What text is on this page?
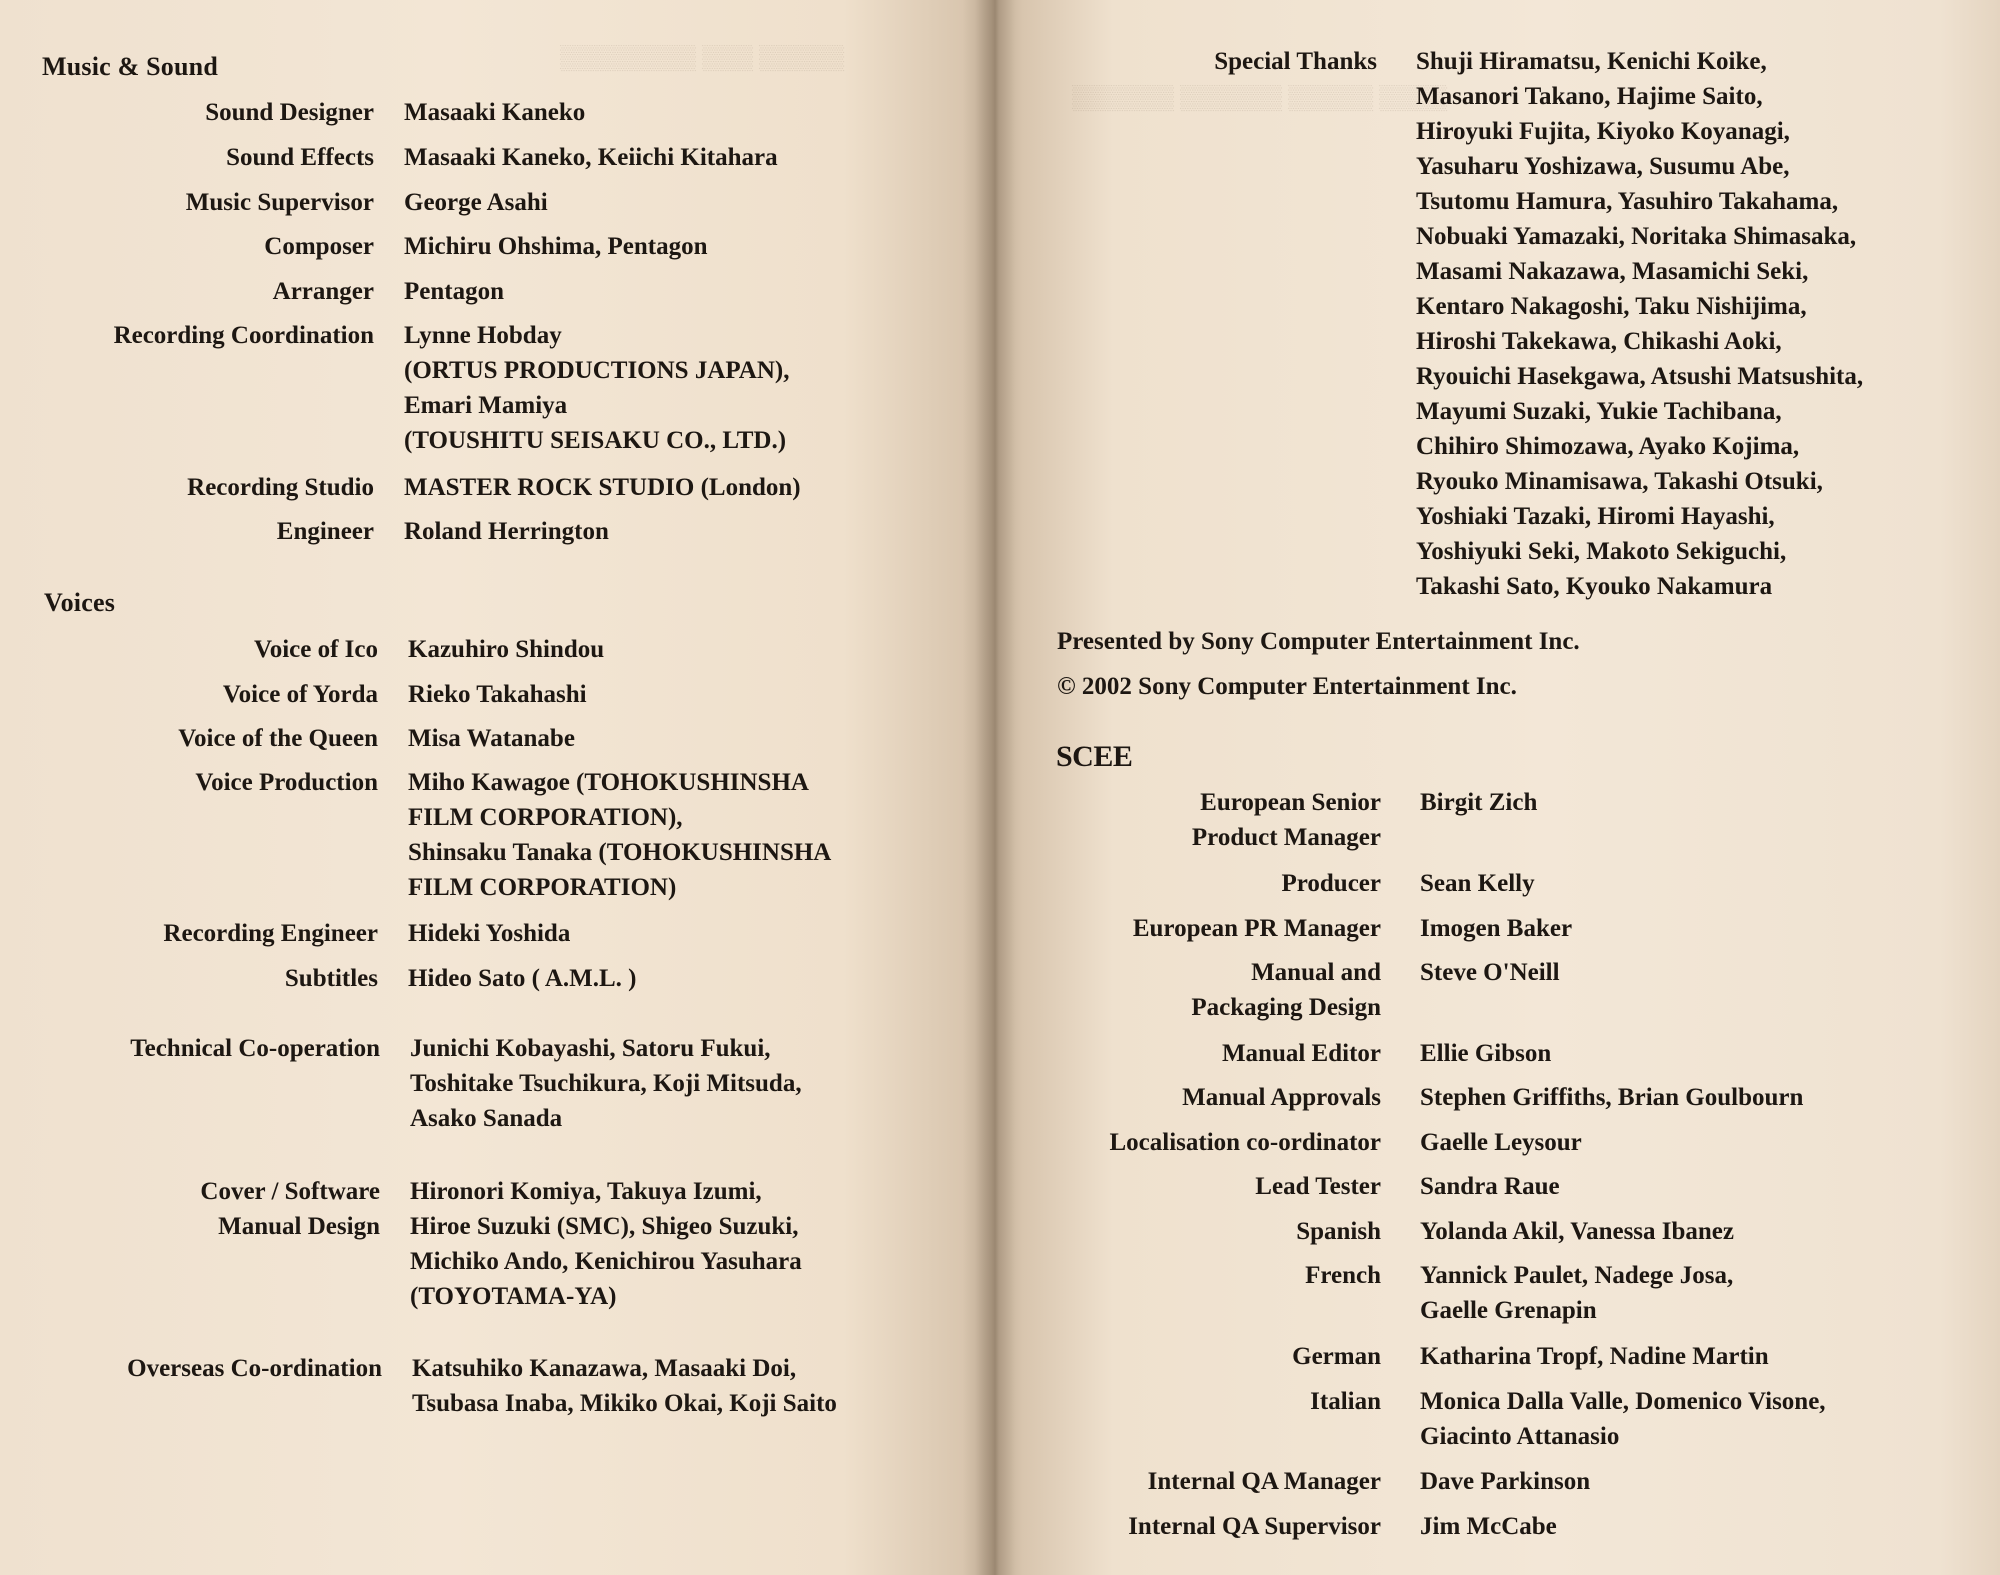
▒▒▒▒▒ ▒▒▒ ▒▒▒▒▒▒▒▒
Music & Sound
Sound Designer Masaaki Kaneko
Sound Effects Masaaki Kaneko, Keiichi Kitahara
Music Supervisor George Asahi
Composer Michiru Ohshima, Pentagon
Arranger Pentagon
Recording Coordination Lynne Hobday
(ORTUS PRODUCTIONS JAPAN),
Emari Mamiya
(TOUSHITU SEISAKU CO., LTD.)
Recording Studio MASTER ROCK STUDIO (London)
Engineer Roland Herrington
Voices
Voice of Ico Kazuhiro Shindou
Voice of Yorda Rieko Takahashi
Voice of the Queen Misa Watanabe
Voice Production Miho Kawagoe (TOHOKUSHINSHA
FILM CORPORATION),
Shinsaku Tanaka (TOHOKUSHINSHA
FILM CORPORATION)
Recording Engineer Hideki Yoshida
Subtitles Hideo Sato ( A.M.L. )
Technical Co-operation Junichi Kobayashi, Satoru Fukui,
Toshitake Tsuchikura, Koji Mitsuda,
Asako Sanada
Cover / Software
Manual Design
Hironori Komiya, Takuya Izumi,
Hiroe Suzuki (SMC), Shigeo Suzuki,
Michiko Ando, Kenichirou Yasuhara
(TOYOTAMA-YA)
Overseas Co-ordination Katsuhiko Kanazawa, Masaaki Doi,
Tsubasa Inaba, Mikiko Okai, Koji Saito
▒▒▒▒ ▒▒▒▒▒ ▒▒▒▒▒▒ ▒▒▒▒▒▒
Special Thanks Shuji Hiramatsu, Kenichi Koike,
Masanori Takano, Hajime Saito,
Hiroyuki Fujita, Kiyoko Koyanagi,
Yasuharu Yoshizawa, Susumu Abe,
Tsutomu Hamura, Yasuhiro Takahama,
Nobuaki Yamazaki, Noritaka Shimasaka,
Masami Nakazawa, Masamichi Seki,
Kentaro Nakagoshi, Taku Nishijima,
Hiroshi Takekawa, Chikashi Aoki,
Ryouichi Hasekgawa, Atsushi Matsushita,
Mayumi Suzaki, Yukie Tachibana,
Chihiro Shimozawa, Ayako Kojima,
Ryouko Minamisawa, Takashi Otsuki,
Yoshiaki Tazaki, Hiromi Hayashi,
Yoshiyuki Seki, Makoto Sekiguchi,
Takashi Sato, Kyouko Nakamura

Presented by Sony Computer Entertainment Inc.

© 2002 Sony Computer Entertainment Inc.

SCEE
European Senior
Product Manager
Birgit Zich
Producer Sean Kelly
European PR Manager Imogen Baker
Manual and
Packaging Design
Steve O'Neill
Manual Editor Ellie Gibson
Manual Approvals Stephen Griffiths, Brian Goulbourn
Localisation co-ordinator Gaelle Leysour
Lead Tester Sandra Raue
Spanish Yolanda Akil, Vanessa Ibanez
French Yannick Paulet, Nadege Josa,
Gaelle Grenapin
German Katharina Tropf, Nadine Martin
Italian Monica Dalla Valle, Domenico Visone,
Giacinto Attanasio
Internal QA Manager Dave Parkinson
Internal QA Supervisor Jim McCabe
